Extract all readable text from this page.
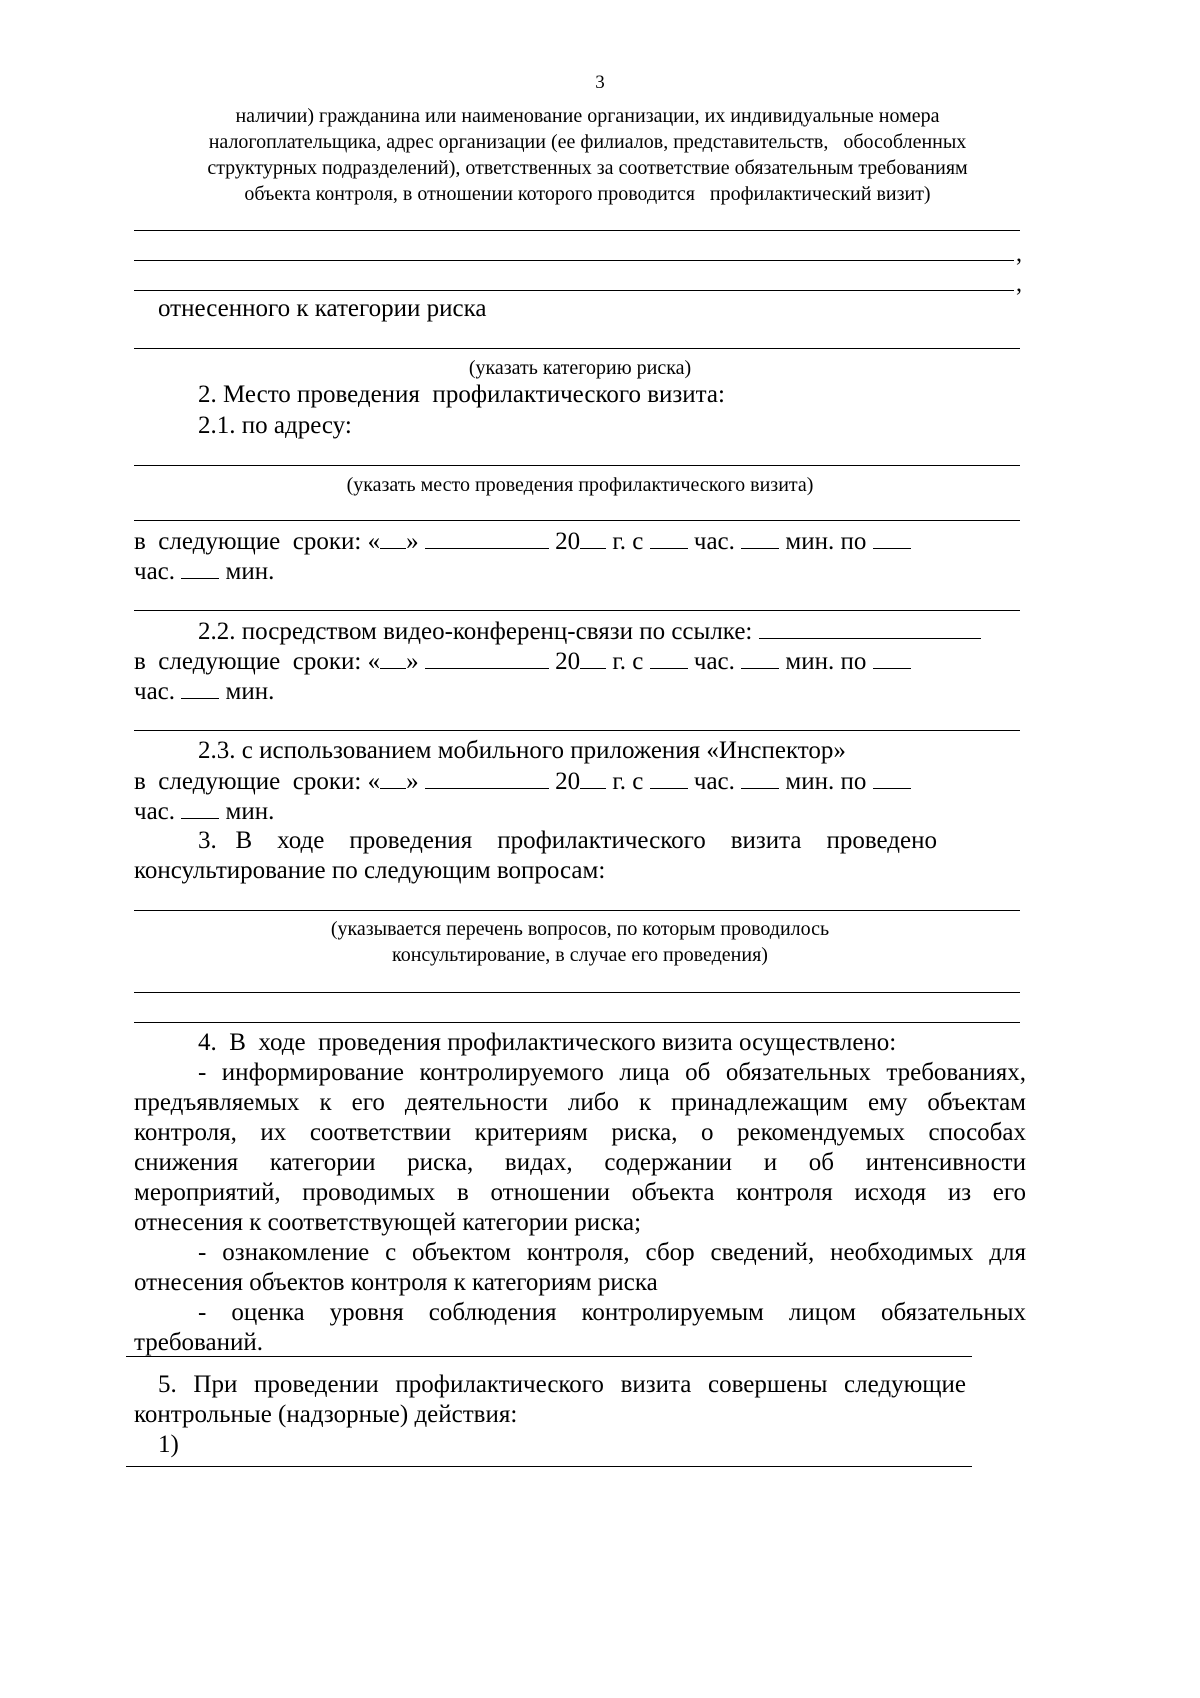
3
наличии) гражданина или наименование организации, их индивидуальные номера
налогоплательщика, адрес организации (ее филиалов, представительств,   обособленных
структурных подразделений), ответственных за соответствие обязательным требованиям
объекта контроля, в отношении которого проводится   профилактический визит)
,
,
отнесенного к категории риска
(указать категорию риска)
2. Место проведения  профилактического визита:
2.1. по адресу:
(указать место проведения профилактического визита)
в  следующие  сроки: « »	20 г. с час. мин. по
час. мин.
2.2. посредством видео-конференц-связи по ссылке:
в  следующие  сроки: « »	20 г. с час. мин. по
час. мин.
2.3. с использованием мобильного приложения «Инспектор»
в  следующие  сроки: « »	20 г. с час. мин. по
час. мин.
3.   В    ходе    проведения    профилактического    визита    проведено
консультирование по следующим вопросам:
(указывается перечень вопросов, по которым проводилось
консультирование, в случае его проведения)
4.  В  ходе  проведения профилактического визита осуществлено:
- информирование контролируемого лица об обязательных требованиях,
предъявляемых к его деятельности либо к принадлежащим ему объектам
контроля, их соответствии критериям риска, о рекомендуемых способах
снижения категории риска, видах, содержании и об интенсивности
мероприятий, проводимых в отношении объекта контроля исходя из его
отнесения к соответствующей категории риска;
- ознакомление с объектом контроля, сбор сведений, необходимых для
отнесения объектов контроля к категориям риска
- оценка уровня соблюдения контролируемым лицом обязательных
требований.
5. При проведении профилактического визита совершены следующие
контрольные (надзорные) действия:
1)
